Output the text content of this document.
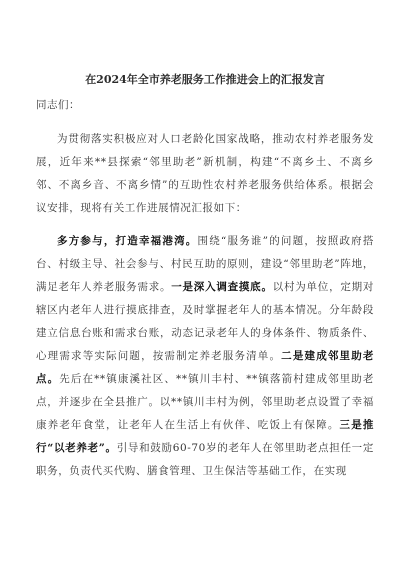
在2024年全市养老服务工作推进会上的汇报发言
同志们：

为贯彻落实积极应对人口老龄化国家战略，推动农村养老服务发展，近年来**县探索“邻里助老”新机制，构建“不离乡土、不离乡邻、不离乡音、不离乡情”的互助性农村养老服务供给体系。根据会议安排，现将有关工作进展情况汇报如下：

多方参与，打造幸福港湾。围绕“服务谁”的问题，按照政府搭台、村级主导、社会参与、村民互助的原则，建设“邻里助老”阵地，满足老年人养老服务需求。一是深入调查摸底。以村为单位，定期对辖区内老年人进行摸底排查，及时掌握老年人的基本情况。分年龄段建立信息台账和需求台账，动态记录老年人的身体条件、物质条件、心理需求等实际问题，按需制定养老服务清单。二是建成邻里助老点。先后在**镇康溪社区、**镇川丰村、**镇落箭村建成邻里助老点，并逐步在全县推广。以**镇川丰村为例，邻里助老点设置了幸福康养老年食堂，让老年人在生活上有伙伴、吃饭上有保障。三是推行“以老养老”。引导和鼓励60-70岁的老年人在邻里助老点担任一定职务，负责代买代购、膳食管理、卫生保洁等基础工作，在实现
